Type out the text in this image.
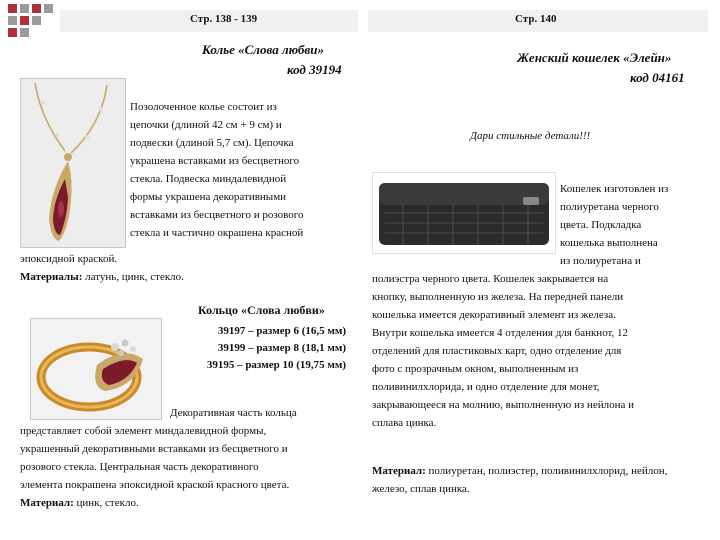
Стр. 138 - 139	Стр. 140
Колье «Слова любви»
код 39194
Позолоченное колье состоит из
цепочки (длиной 42 см + 9 см) и
подвески (длиной 5,7 см). Цепочка
украшена вставками из бесцветного
стекла. Подвеска миндалевидной
формы украшена декоративными
вставками из бесцветного и розового
стекла и частично окрашена красной
эпоксидной краской.
Материалы: латунь, цинк, стекло.
Кольцо «Слова любви»
39197 – размер 6 (16,5 мм)
39199 – размер 8 (18,1 мм)
39195 – размер 10 (19,75 мм)
Декоративная часть кольца
представляет собой элемент миндалевидной формы,
украшенный декоративными вставками из бесцветного и
розового стекла. Центральная часть декоративного
элемента покрашена эпоксидной краской красного цвета.
Материал: цинк, стекло.
Женский кошелек «Элейн»
код 04161
Дари стильные детали!!!
Кошелек изготовлен из
полиуретана черного
цвета. Подкладка
кошелька выполнена
из полиуретана и
полиэстра черного цвета. Кошелек закрывается на
кнопку, выполненную из железа. На передней панели
кошелька имеется декоративный элемент из железа.
Внутри кошелька имеется 4 отделения для банкнот, 12
отделений для пластиковых карт, одно отделение для
фото с прозрачным окном, выполненным из
поливинилхлорида, и одно отделение для монет,
закрывающееся на молнию, выполненную из нейлона и
сплава цинка.
Материал: полиуретан, полиэстер, поливинилхлорид, нейлон, железо, сплав цинка.
